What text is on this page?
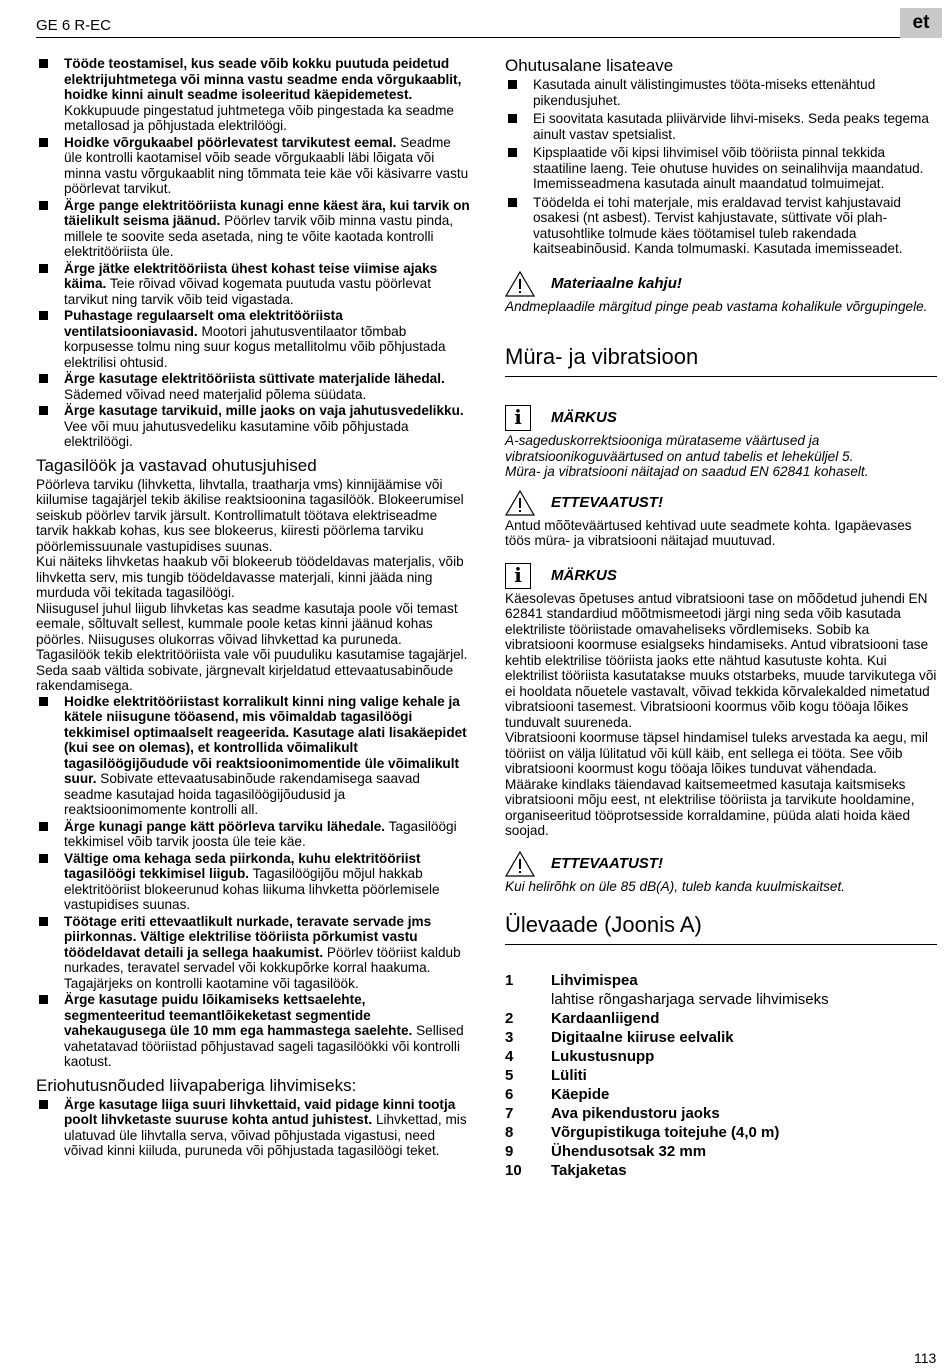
GE 6 R-EC	et

Tööde teostamisel, kus seade võib kokku puutuda peidetud elektrijuhtmetega või minna vastu seadme enda võrgukaablit, hoidke kinni ainult seadme isoleeritud käepidemetest. Kokkupuude pingestatud juhtmetega võib pingestada ka seadme metallosad ja põhjustada elektrilöögi.

Hoidke võrgukaabel pöörlevatest tarvikutest eemal. Seadme üle kontrolli kaotamisel võib seade võrgukaabli läbi lõigata või minna vastu võrgukaablit ning tõmmata teie käe või käsivarre vastu pöörlevat tarvikut.

Ärge pange elektritööriista kunagi enne käest ära, kui tarvik on täielikult seisma jäänud. Pöörlev tarvik võib minna vastu pinda, millele te soovite seda asetada, ning te võite kaotada kontrolli elektritööriista üle.

Ärge jätke elektritööriista ühest kohast teise viimise ajaks käima. Teie rõivad võivad kogemata puutuda vastu pöörlevat tarvikut ning tarvik võib teid vigastada.

Puhastage regulaarselt oma elektritööriista ventilatsiooniavasid. Mootori jahutusventilaator tõmbab korpusesse tolmu ning suur kogus metallitolmu võib põhjustada elektrilisi ohtusid.

Ärge kasutage elektritööriista süttivate materjalide lähedal. Sädemed võivad need materjalid põlema süüdata.

Ärge kasutage tarvikuid, mille jaoks on vaja jahutusvedelikku. Vee või muu jahutusvedeliku kasutamine võib põhjustada elektrilöögi.

Tagasilöök ja vastavad ohutusjuhised

Pöörleva tarviku (lihvketta, lihvtalla, traatharja vms) kinnijäämise või kiilumise tagajärjel tekib äkilise reaktsioonina tagasilöök. Blokeerumisel seiskub pöörlev tarvik järsult. Kontrollimatult töötava elektriseadme tarvik hakkab kohas, kus see blokeerus, kiiresti pöörlema tarviku pöörlemissuunale vastupidises suunas.

Kui näiteks lihvketas haakub või blokeerub töödeldavas materjalis, võib lihvketta serv, mis tungib töödeldavasse materjali, kinni jääda ning murduda või tekitada tagasilöögi.

Niisugusel juhul liigub lihvketas kas seadme kasutaja poole või temast eemale, sõltuvalt sellest, kummale poole ketas kinni jäänud kohas pöörles. Niisuguses olukorras võivad lihvkettad ka puruneda.

Tagasilöök tekib elektritööriista vale või puuduliku kasutamise tagajärjel. Seda saab vältida sobivate, järgnevalt kirjeldatud ettevaatusabinõude rakendamisega.

Hoidke elektritööriistast korralikult kinni ning valige kehale ja kätele niisugune tööasend, mis võimaldab tagasilöögi tekkimisel optimaalselt reageerida. Kasutage alati lisakäepidet (kui see on olemas), et kontrollida võimalikult tagasilöögijõudude või reaktsioonimomentide üle võimalikult suur. Sobivate ettevaatusabinõude rakendamisega saavad seadme kasutajad hoida tagasilöögijõudusid ja reaktsioonimomente kontrolli all.

Ärge kunagi pange kätt pöörleva tarviku lähedale. Tagasilöögi tekkimisel võib tarvik joosta üle teie käe.

Vältige oma kehaga seda piirkonda, kuhu elektritööriist tagasilöögi tekkimisel liigub. Tagasilöögijõu mõjul hakkab elektritööriist blokeerunud kohas liikuma lihvketta pöörlemisele vastupidises suunas.

Töötage eriti ettevaatlikult nurkade, teravate servade jms piirkonnas. Vältige elektrilise tööriista põrkumist vastu töödeldavat detaili ja sellega haakumist. Pöörlev tööriist kaldub nurkades, teravatel servadel või kokkupõrke korral haakuma. Tagajärjeks on kontrolli kaotamine või tagasilöök.

Ärge kasutage puidu lõikamiseks kettsaelehte, segmenteeritud teemantlõikeketast segmentide vahekaugusega üle 10 mm ega hammastega saelehte. Sellised vahetatavad tööriistad põhjustavad sageli tagasilöökki või kontrolli kaotust.

Eriohutusnõuded liivapaberiga lihvimiseks:

Ärge kasutage liiga suuri lihvkettaid, vaid pidage kinni tootja poolt lihvketaste suuruse kohta antud juhistest. Lihvkettad, mis ulatuvad üle lihvtalla serva, võivad põhjustada vigastusi, need võivad kinni kiiluda, puruneda või põhjustada tagasilöögi teket.

Ohutusalane lisateave

Kasutada ainult välistingimustes tööta-miseks ettenähtud pikendusjuhet.

Ei soovitata kasutada pliivärvide lihvi-miseks. Seda peaks tegema ainult vastav spetsialist.

Kipsplaatide või kipsi lihvimisel võib tööriista pinnal tekkida staatiline laeng. Teie ohutuse huvides on seinalihvija maandatud. Imemisseadmena kasutada ainult maandatud tolmuimejat.

Töödelda ei tohi materjale, mis eraldavad tervist kahjustavaid osakesi (nt asbest). Tervist kahjustavate, süttivate või plah-vatusohtlike tolmude käes töötamisel tuleb rakendada kaitseabinõusid. Kanda tolmumaski. Kasutada imemisseadet.

Materiaalne kahju!

Andmeplaadile märgitud pinge peab vastama kohalikule võrgupingele.

Müra- ja vibratsioon
i	MÄRKUS

A-sageduskorrektsiooniga mürataseme väärtused ja vibratsioonikoguväärtused on antud tabelis et leheküljel 5.

Müra- ja vibratsiooni näitajad on saadud EN 62841 kohaselt.

ETTEVAATUST!

Antud mõõteväärtused kehtivad uute seadmete kohta. Igapäevases töös müra- ja vibratsiooni näitajad muutuvad.

i	MÄRKUS

Käesolevas õpetuses antud vibratsiooni tase on mõõdetud juhendi EN 62841 standardiud mõõtmismeetodi järgi ning seda võib kasutada elektriliste tööriistade omavaheliseks võrdlemiseks. Sobib ka vibratsiooni koormuse esialgseks hindamiseks. Antud vibratsiooni tase kehtib elektrilise tööriista jaoks ette nähtud kasutuste kohta. Kui elektrilist tööriista kasutatakse muuks otstarbeks, muude tarvikutega või ei hooldata nõuetele vastavalt, võivad tekkida kõrvalekalded nimetatud vibratsiooni tasemest. Vibratsiooni koormus võib kogu tööaja lõikes tunduvalt suureneda.

Vibratsiooni koormuse täpsel hindamisel tuleks arvestada ka aegu, mil tööriist on välja lülitatud või küll käib, ent sellega ei tööta. See võib vibratsiooni koormust kogu tööaja lõikes tunduvat vähendada.

Määrake kindlaks täiendavad kaitsemeetmed kasutaja kaitsmiseks vibratsiooni mõju eest, nt elektrilise tööriista ja tarvikute hooldamine, organiseeritud tööprotsesside korraldamine, püüda alati hoida käed soojad.

ETTEVAATUST!

Kui helirõhk on üle 85 dB(A), tuleb kanda kuulmiskaitset.

Ülevaade (Joonis A)
1	Lihvimispea
lahtise rõngasharjaga servade lihvimiseks

2	Kardaanliigend

3	Digitaalne kiiruse eelvalik

4	Lukustusnupp

5	Lüliti

6	Käepide

7	Ava pikendustoru jaoks

8	Võrgupistikuga toitejuhe (4,0 m)

9	Ühendusotsak 32 mm

10	Takjaketas
113
